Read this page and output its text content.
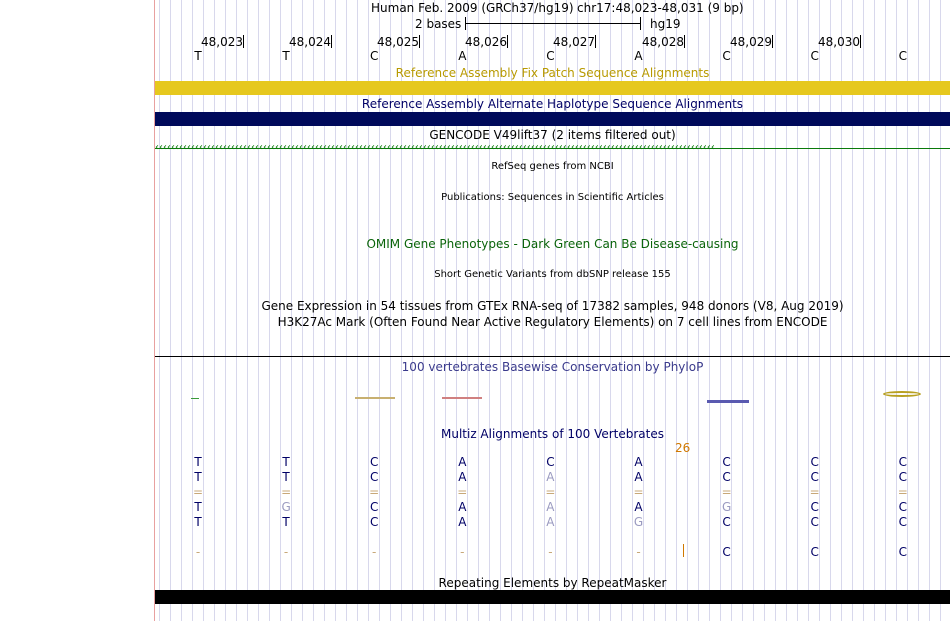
Human Feb. 2009 (GRCh37/hg19) chr17:48,023-48,031 (9 bp)
2 bases	hg19
48,023	48,024	48,025	48,026	48,027	48,028	48,029	48,030
T	T	C	A	C	A	C	C	C
Reference Assembly Fix Patch Sequence Alignments
Reference Assembly Alternate Haplotype Sequence Alignments
GENCODE V49lift37 (2 items filtered out)
‹‹‹‹‹‹‹‹‹‹‹‹‹‹‹‹‹‹‹‹‹‹‹‹‹‹‹‹‹‹‹‹‹‹‹‹‹‹‹‹‹‹‹‹‹‹‹‹‹‹‹‹‹‹‹‹‹‹‹‹‹‹‹‹‹‹‹‹‹‹‹‹‹‹‹‹‹‹‹‹‹‹‹‹‹‹‹‹‹‹‹‹‹‹‹‹‹‹‹‹‹‹‹‹‹‹‹‹‹‹‹‹‹‹‹‹‹‹‹‹‹‹‹‹‹‹‹‹‹‹‹‹‹‹‹‹‹‹‹‹
RefSeq genes from NCBI
Publications: Sequences in Scientific Articles
OMIM Gene Phenotypes - Dark Green Can Be Disease-causing
Short Genetic Variants from dbSNP release 155
Gene Expression in 54 tissues from GTEx RNA-seq of 17382 samples, 948 donors (V8, Aug 2019)
H3K27Ac Mark (Often Found Near Active Regulatory Elements) on 7 cell lines from ENCODE
100 vertebrates Basewise Conservation by PhyloP
Multiz Alignments of 100 Vertebrates
26
T	T	C	A	C	A	C	C	C
T	T	C	A	A	A	C	C	C
=	=	=	=	=	=	=	=	=
T	G	C	A	A	A	G	C	C
T	T	C	A	A	G	C	C	C
-	-	-	-	-	-	C	C	C
Repeating Elements by RepeatMasker
